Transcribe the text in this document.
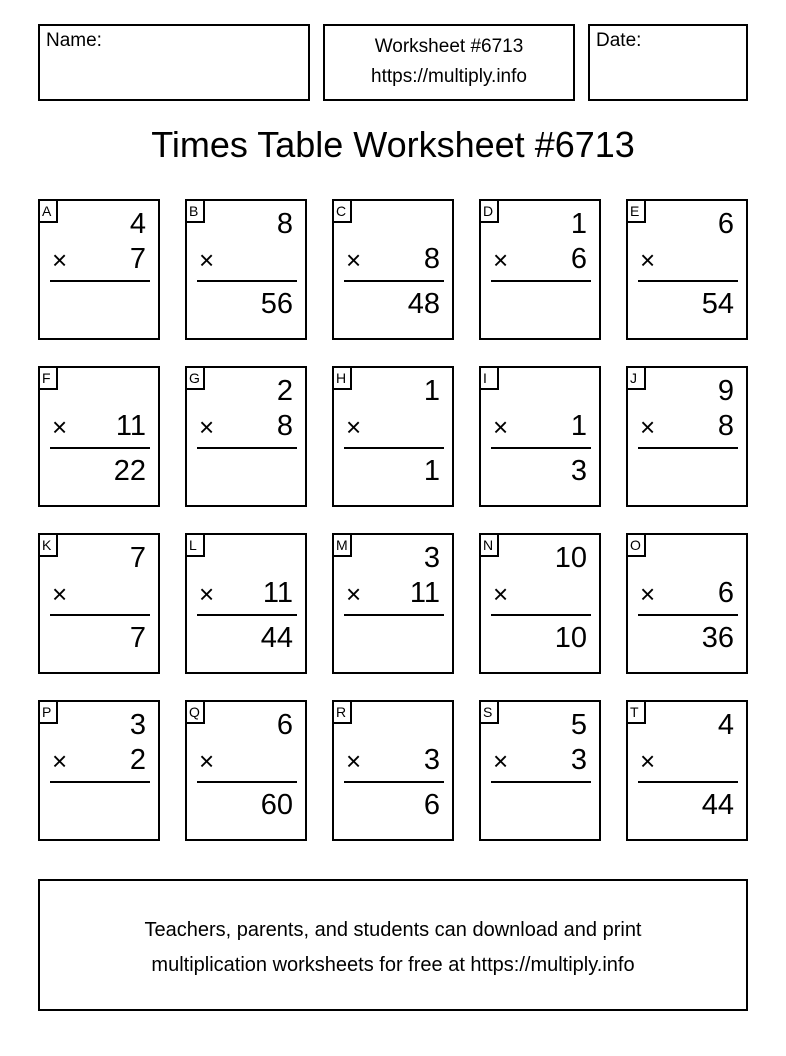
Name:	Worksheet #6713
https://multiply.info
Date:
Times Table Worksheet #6713
A	4
× 7
B	8
×
56
C
× 8
48
D	1
× 6
E	6
×
54
F
× 11
22
G	2
× 8
H	1
×
1
I
× 1
3
J	9
× 8
K	7
×
7
L
× 11
44
M	3
× 11
N 10
×
10
O
× 6
36
P	3
× 2
Q	6
×
60
R
× 3
6
S	5
× 3
T	4
×
44
Teachers, parents, and students can download and print
multiplication worksheets for free at https://multiply.info
